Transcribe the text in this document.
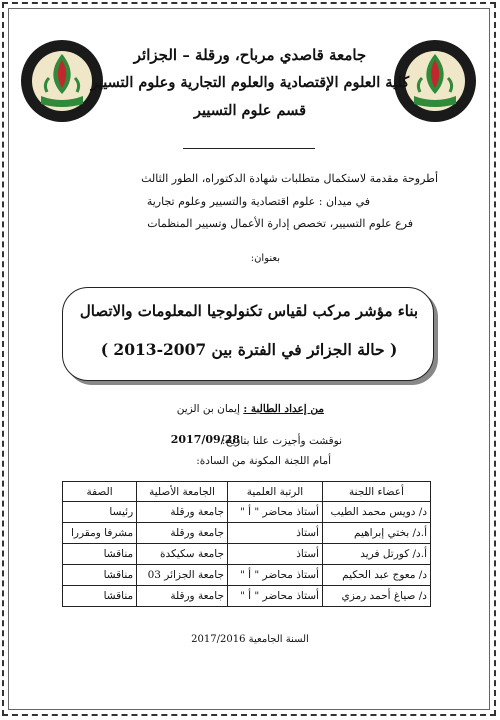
جامعة قاصدي مرباح، ورقلة – الجزائر
كلية العلوم الإقتصادية والعلوم التجارية وعلوم التسيير
قسم علوم التسيير
أطروحة مقدمة لاستكمال متطلبات شهادة الدكتوراه، الطور الثالث
في ميدان : علوم اقتصادية والتسيير وعلوم تجارية
فرع علوم التسيير، تخصص إدارة الأعمال وتسيير المنظمات
بعنوان:
بناء مؤشر مركب لقياس تكنولوجيا المعلومات والاتصال
( حالة الجزائر في الفترة بين 2007-2013 )
من إعداد الطالبة : إيمان بن الزين
نوقشت وأجيزت علنا بتاريخ:
2017/09/28
أمام اللجنة المكونة من السادة:
أعضاء اللجنة	الرتبة العلمية	الجامعة الأصلية	الصفة
د/ دويس محمد الطيب	أستاذ محاضر " أ "	جامعة ورقلة	رئيسا
أ.د/ بختي إبراهيم	أستاذ	جامعة ورقلة	مشرفا ومقررا
أ.د/ كورتل فريد	أستاذ	جامعة سكيكدة	مناقشا
د/ معوج عبد الحكيم	أستاذ محاضر " أ "	جامعة الجزائر 03	مناقشا
د/ صياغ أحمد رمزي	أستاذ محاضر " أ "	جامعة ورقلة	مناقشا
السنة الجامعية 2017/2016
